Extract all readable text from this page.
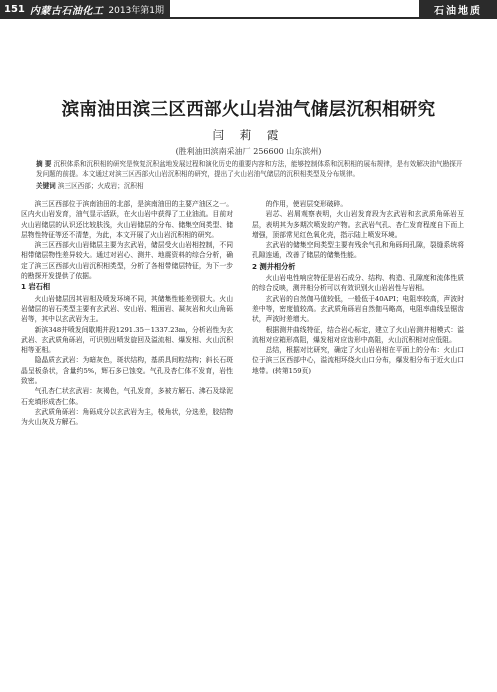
151 内蒙古石油化工 2013年第1期	石油地质
滨南油田滨三区西部火山岩油气储层沉积相研究

闫 莉 霞

(胜利油田滨南采油厂 256600 山东滨州)

摘 要 沉积体系和沉积相的研究是恢复沉积盆地发展过程和演化历史的重要内容和方法，能够控制体系和沉积相的展布规律，是有效解决油气勘探开发问题的前提。本文通过对滨三区西部火山岩沉积相的研究，提出了火山岩油气储层的沉积相类型及分布规律。

关键词 滨三区西部；火成岩；沉积相

滨三区西部位于滨南油田的北部，是滨南油田的主要产油区之一。区内火山岩发育，油气显示活跃，在火山岩中获得了工业油流。目前对火山岩储层的认识还比较肤浅，火山岩储层的分布、储集空间类型、储层物性特征等还不清楚，为此，本文开展了火山岩沉积相的研究。

滨三区西部火山岩储层主要为玄武岩，储层受火山岩相控制，不同相带储层物性差异较大。通过对岩心、测井、地震资料的综合分析，确定了滨三区西部火山岩沉积相类型，分析了各相带储层特征，为下一步的勘探开发提供了依据。

1 岩石相

火山岩储层因其岩相及喷发环境不同，其储集性能差别很大。火山岩储层的岩石类型主要有玄武岩、安山岩、粗面岩、凝灰岩和火山角砾岩等，其中以玄武岩为主。

新滨348井喷发间歇期井段1291.35－1337.23m，分析岩性为玄武岩、玄武质角砾岩，可识别出喷发旋回及溢流相、爆发相、火山沉积相等亚相。

隐晶质玄武岩：为暗灰色，斑状结构，基质具间粒结构；斜长石斑晶呈板条状，含量约5%，辉石多已蚀变。气孔及杏仁体不发育，岩性致密。

气孔杏仁状玄武岩：灰褐色，气孔发育，多被方解石、沸石及绿泥石充填形成杏仁体。

玄武质角砾岩：角砾成分以玄武岩为主，棱角状，分选差，胶结物为火山灰及方解石。

的作用，使岩层变形破碎。

岩芯、岩屑观察表明，火山岩发育段为玄武岩和玄武质角砾岩互层，表明其为多期次喷发的产物。玄武岩气孔、杏仁发育程度自下而上增强，顶部常见红色氧化壳，指示陆上喷发环境。

玄武岩的储集空间类型主要有残余气孔和角砾间孔隙，裂缝系统将孔隙连通，改善了储层的储集性能。

2 测井相分析

火山岩电性响应特征是岩石成分、结构、构造、孔隙度和流体性质的综合反映，测井相分析可以有效识别火山岩岩性与岩相。

玄武岩的自然伽马值较低，一般低于40API；电阻率较高，声波时差中等，密度值较高。玄武质角砾岩自然伽马略高，电阻率曲线呈锯齿状，声波时差增大。

根据测井曲线特征，结合岩心标定，建立了火山岩测井相模式：溢流相对应箱形高阻，爆发相对应齿形中高阻，火山沉积相对应低阻。

总结，根据对比研究，确定了火山岩岩相在平面上的分布：火山口位于滨三区西部中心，溢流相环绕火山口分布，爆发相分布于近火山口地带。(转第159页)
